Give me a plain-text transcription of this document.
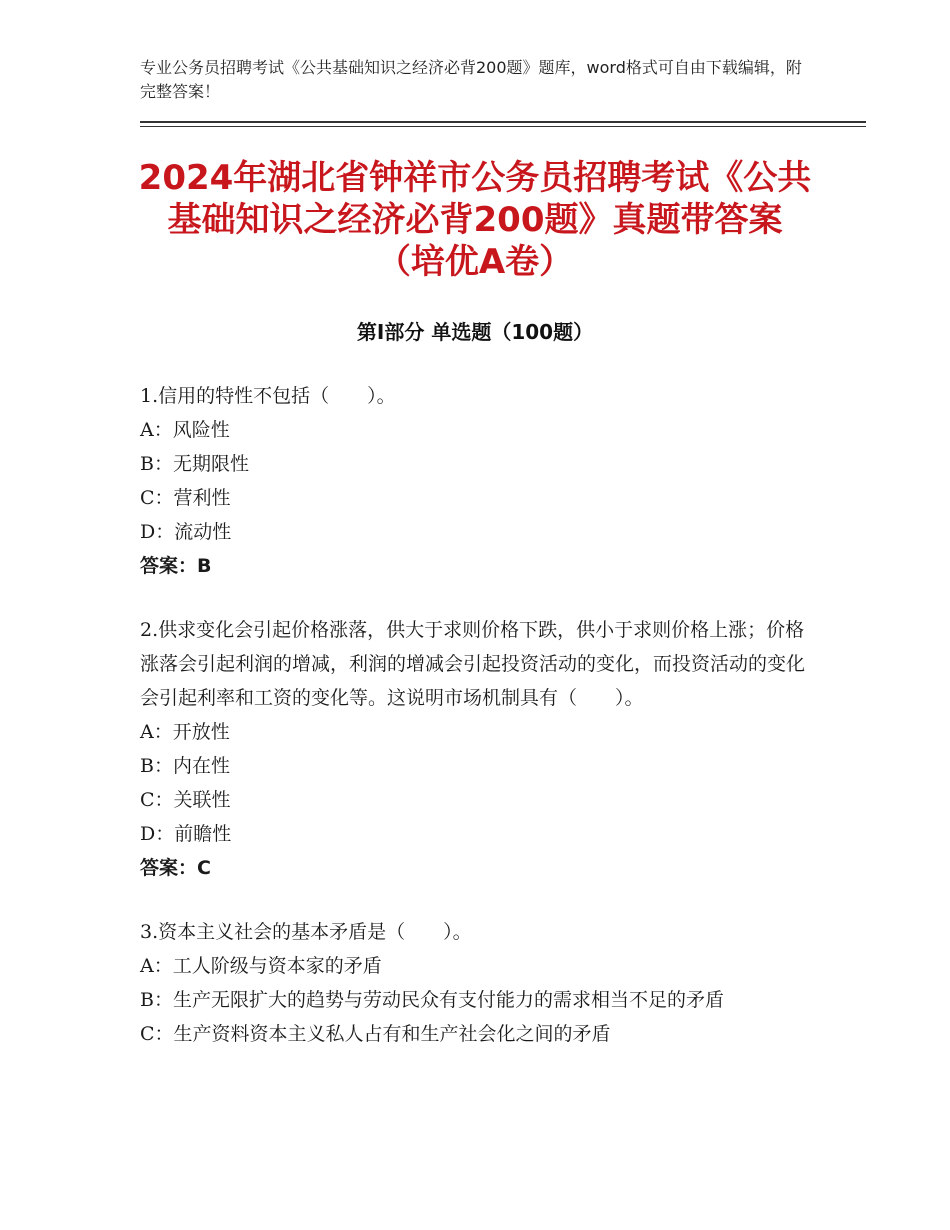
专业公务员招聘考试《公共基础知识之经济必背200题》题库，word格式可自由下载编辑，附完整答案！
2024年湖北省钟祥市公务员招聘考试《公共
基础知识之经济必背200题》真题带答案
（培优A卷）
第Ⅰ部分 单选题（100题）
1.信用的特性不包括（　　）。
A：风险性
B：无期限性
C：营利性
D：流动性
答案：B
2.供求变化会引起价格涨落，供大于求则价格下跌，供小于求则价格上涨；价格涨落会引起利润的增减，利润的增减会引起投资活动的变化，而投资活动的变化会引起利率和工资的变化等。这说明市场机制具有（　　）。
A：开放性
B：内在性
C：关联性
D：前瞻性
答案：C
3.资本主义社会的基本矛盾是（　　）。
A：工人阶级与资本家的矛盾
B：生产无限扩大的趋势与劳动民众有支付能力的需求相当不足的矛盾
C：生产资料资本主义私人占有和生产社会化之间的矛盾
